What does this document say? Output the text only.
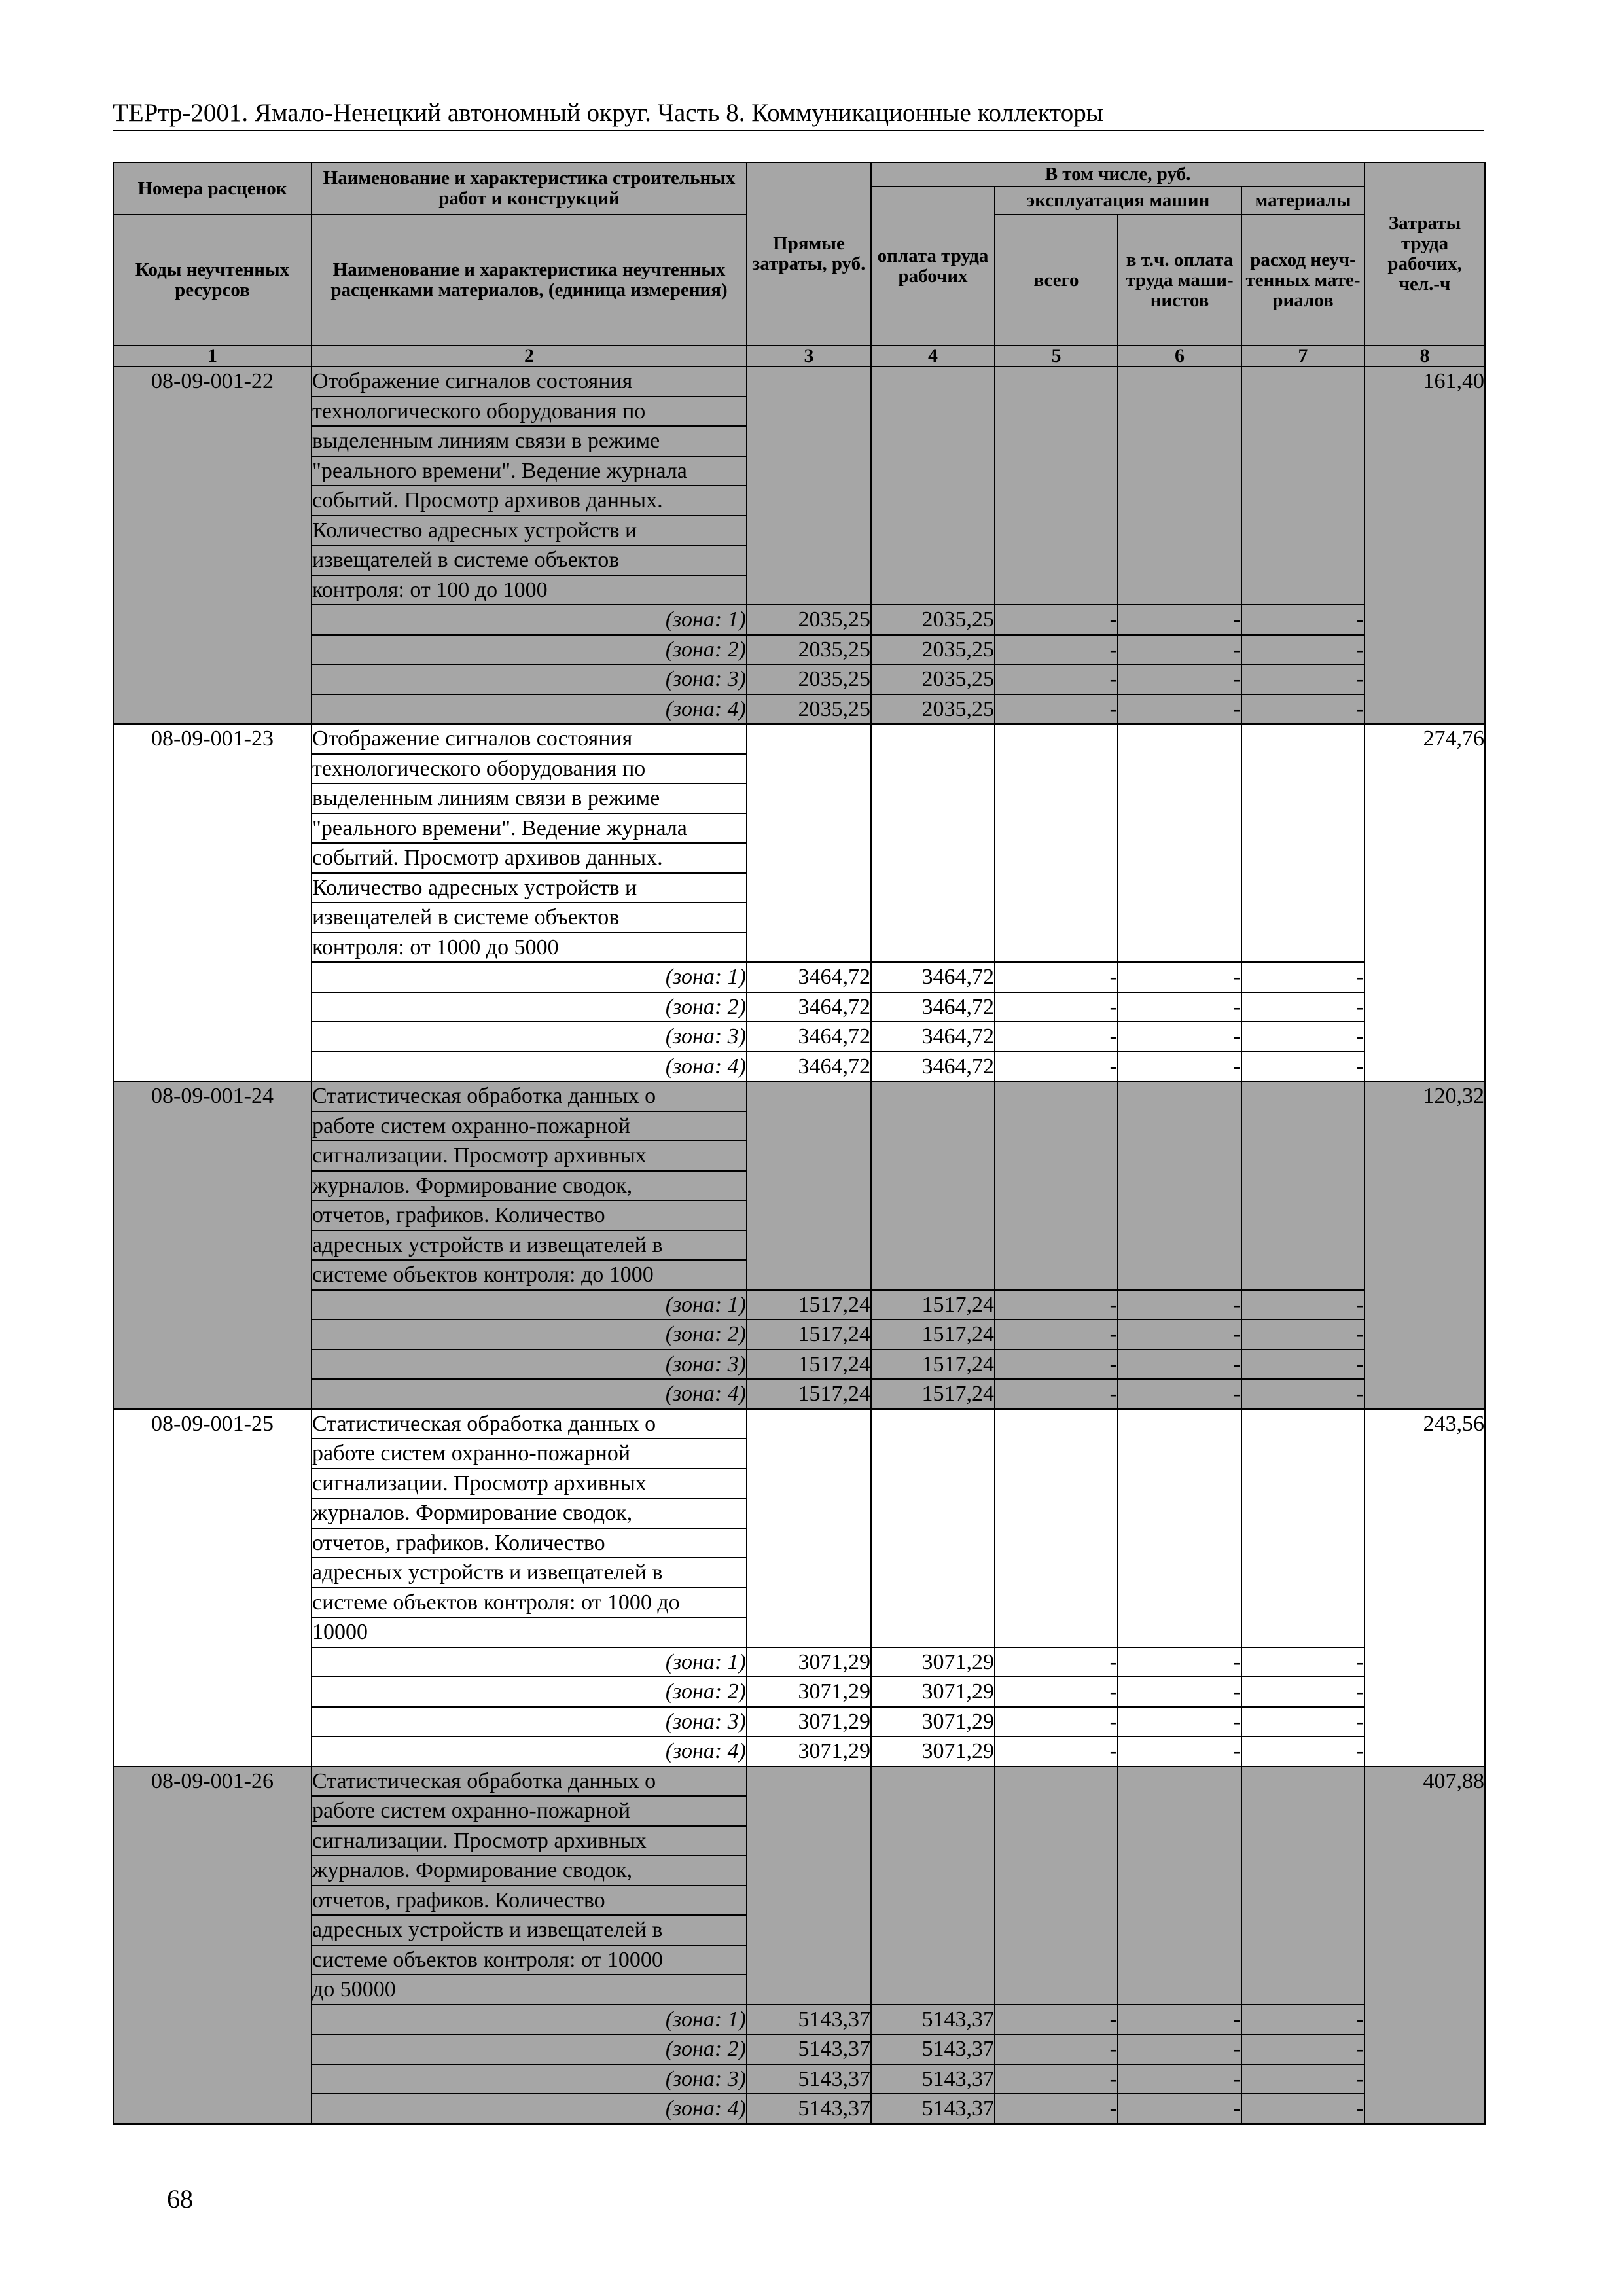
ТЕРтр-2001. Ямало-Ненецкий автономный округ. Часть 8. Коммуникационные коллекторы
Номера расценок	Наименование и характеристика строительных работ и конструкций	Прямые затраты, руб.	В том числе, руб.				Затраты труда рабочих, чел.-ч
			оплата труда рабочих	эксплуатация машин		материалы	
Коды неучтенных ресурсов	Наименование и характеристика неучтенных расценками материалов, (единица измерения)			всего	в т.ч. оплата труда маши-нистов	расход неуч-тенных мате-риалов	

1	2	3	4	5	6	7	8
08-09-001-22	Отображение сигналов состояния						161,40
	технологического оборудования по						
	выделенным линиям связи в режиме						
	"реального времени". Ведение журнала						
	событий. Просмотр архивов данных.						
	Количество адресных устройств и						
	извещателей в системе объектов						
	контроля: от 100 до 1000						
	(зона: 1)	2035,25	2035,25	-	-	-	
	(зона: 2)	2035,25	2035,25	-	-	-	
	(зона: 3)	2035,25	2035,25	-	-	-	
	(зона: 4)	2035,25	2035,25	-	-	-	
08-09-001-23	Отображение сигналов состояния						274,76
	технологического оборудования по						
	выделенным линиям связи в режиме						
	"реального времени". Ведение журнала						
	событий. Просмотр архивов данных.						
	Количество адресных устройств и						
	извещателей в системе объектов						
	контроля: от 1000 до 5000						
	(зона: 1)	3464,72	3464,72	-	-	-	
	(зона: 2)	3464,72	3464,72	-	-	-	
	(зона: 3)	3464,72	3464,72	-	-	-	
	(зона: 4)	3464,72	3464,72	-	-	-	
08-09-001-24	Статистическая обработка данных о						120,32
	работе систем охранно-пожарной						
	сигнализации. Просмотр архивных						
	журналов. Формирование сводок,						
	отчетов, графиков. Количество						
	адресных устройств и извещателей в						
	системе объектов контроля: до 1000						
	(зона: 1)	1517,24	1517,24	-	-	-	
	(зона: 2)	1517,24	1517,24	-	-	-	
	(зона: 3)	1517,24	1517,24	-	-	-	
	(зона: 4)	1517,24	1517,24	-	-	-	
08-09-001-25	Статистическая обработка данных о						243,56
	работе систем охранно-пожарной						
	сигнализации. Просмотр архивных						
	журналов. Формирование сводок,						
	отчетов, графиков. Количество						
	адресных устройств и извещателей в						
	системе объектов контроля: от 1000 до						
	10000						
	(зона: 1)	3071,29	3071,29	-	-	-	
	(зона: 2)	3071,29	3071,29	-	-	-	
	(зона: 3)	3071,29	3071,29	-	-	-	
	(зона: 4)	3071,29	3071,29	-	-	-	
08-09-001-26	Статистическая обработка данных о						407,88
	работе систем охранно-пожарной						
	сигнализации. Просмотр архивных						
	журналов. Формирование сводок,						
	отчетов, графиков. Количество						
	адресных устройств и извещателей в						
	системе объектов контроля: от 10000						
	до 50000						
	(зона: 1)	5143,37	5143,37	-	-	-	
	(зона: 2)	5143,37	5143,37	-	-	-	
	(зона: 3)	5143,37	5143,37	-	-	-	
	(зона: 4)	5143,37	5143,37	-	-	-	
68
